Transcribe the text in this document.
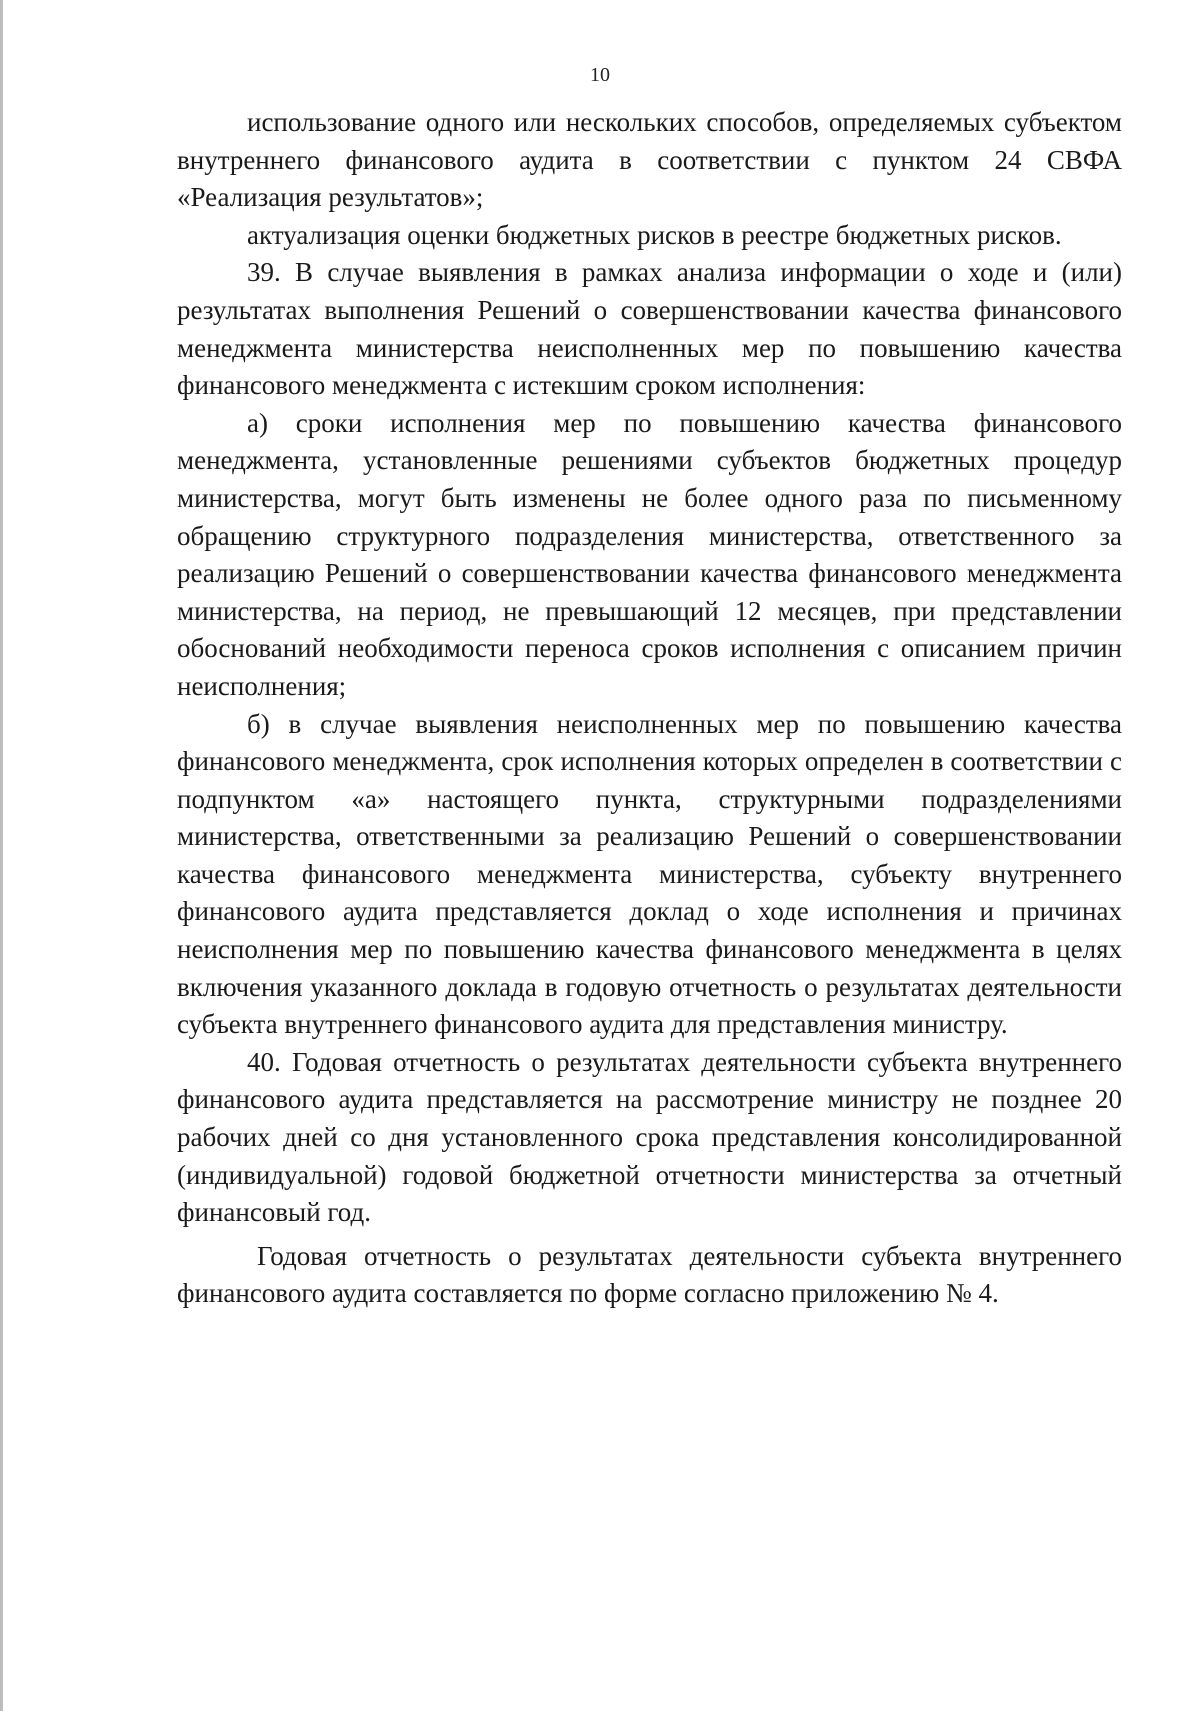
10

использование одного или нескольких способов, определяемых субъектом внутреннего финансового аудита в соответствии с пунктом 24 СВФА «Реализация результатов»;

актуализация оценки бюджетных рисков в реестре бюджетных рисков.

39. В случае выявления в рамках анализа информации о ходе и (или) результатах выполнения Решений о совершенствовании качества финансового менеджмента министерства неисполненных мер по повышению качества финансового менеджмента с истекшим сроком исполнения:

а) сроки исполнения мер по повышению качества финансового менеджмента, установленные решениями субъектов бюджетных процедур министерства, могут быть изменены не более одного раза по письменному обращению структурного подразделения министерства, ответственного за реализацию Решений о совершенствовании качества финансового менеджмента министерства, на период, не превышающий 12 месяцев, при представлении обоснований необходимости переноса сроков исполнения с описанием причин неисполнения;

б) в случае выявления неисполненных мер по повышению качества финансового менеджмента, срок исполнения которых определен в соответствии с подпунктом «а» настоящего пункта, структурными подразделениями министерства, ответственными за реализацию Решений о совершенствовании качества финансового менеджмента министерства, субъекту внутреннего финансового аудита представляется доклад о ходе исполнения и причинах неисполнения мер по повышению качества финансового менеджмента в целях включения указанного доклада в годовую отчетность о результатах деятельности субъекта внутреннего финансового аудита для представления министру.

40. Годовая отчетность о результатах деятельности субъекта внутреннего финансового аудита представляется на рассмотрение министру не позднее 20 рабочих дней со дня установленного срока представления консолидированной (индивидуальной) годовой бюджетной отчетности министерства за отчетный финансовый год.

Годовая отчетность о результатах деятельности субъекта внутреннего финансового аудита составляется по форме согласно приложению № 4.
